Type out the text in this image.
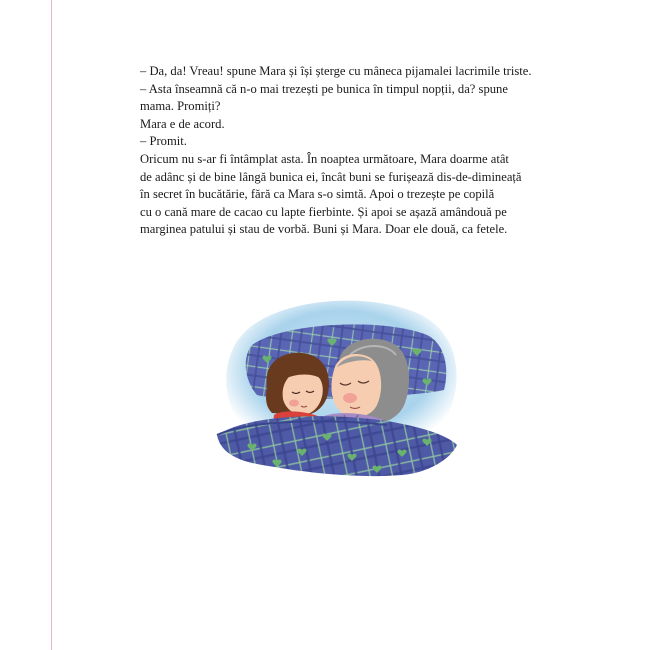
– Da, da! Vreau! spune Mara și își șterge cu mâneca pijamalei lacrimile triste.

– Asta înseamnă că n-o mai trezești pe bunica în timpul nopții, da? spune

mama. Promiți?

Mara e de acord.

– Promit.

Oricum nu s-ar fi întâmplat asta. În noaptea următoare, Mara doarme atât

de adânc și de bine lângă bunica ei, încât buni se furișează dis-de-dimineață

în secret în bucătărie, fără ca Mara s-o simtă. Apoi o trezește pe copilă

cu o cană mare de cacao cu lapte fierbinte. Și apoi se așază amândouă pe

marginea patului și stau de vorbă. Buni și Mara. Doar ele două, ca fetele.
